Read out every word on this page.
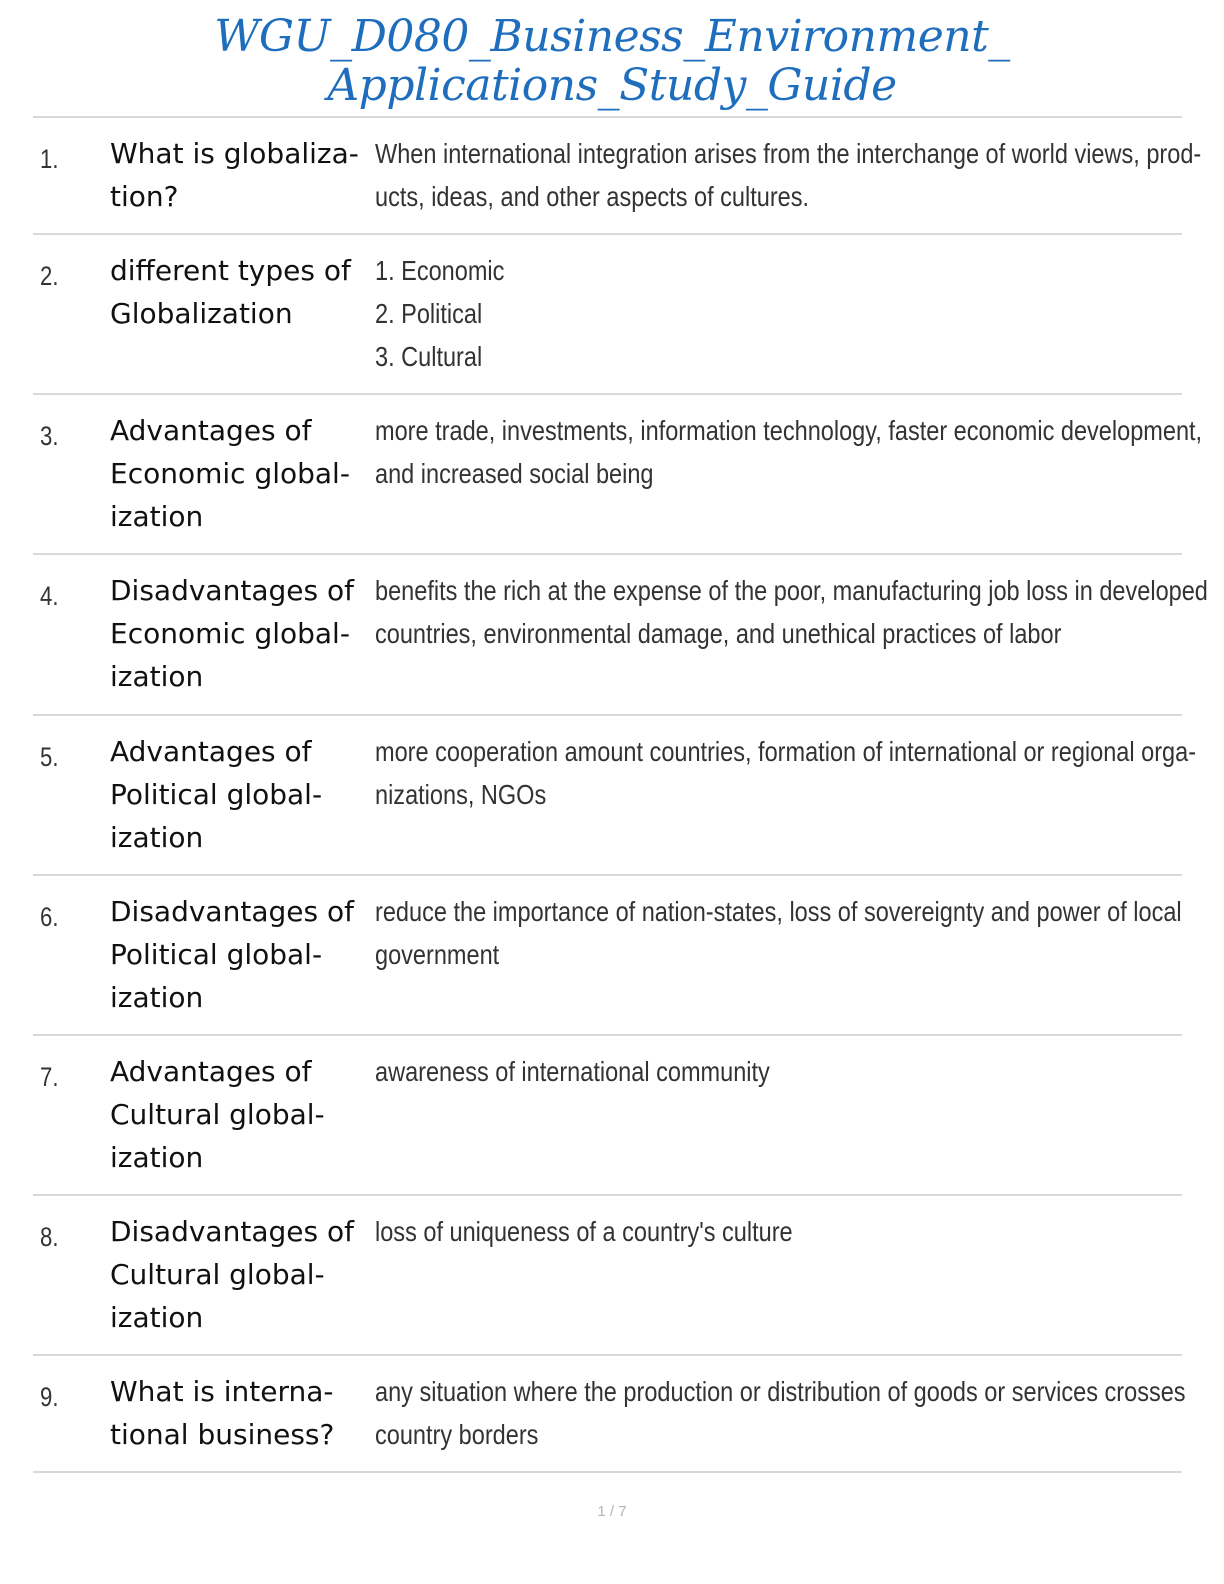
WGU_D080_Business_Environment_
Applications_Study_Guide
1. What is globaliza-
tion?
When international integration arises from the interchange of world views, prod-
ucts, ideas, and other aspects of cultures.
2. different types of
Globalization
1. Economic
2. Political
3. Cultural
3. Advantages of
Economic global-
ization
more trade, investments, information technology, faster economic development,
and increased social being
4. Disadvantages of
Economic global-
ization
benefits the rich at the expense of the poor, manufacturing job loss in developed
countries, environmental damage, and unethical practices of labor
5. Advantages of
Political global-
ization
more cooperation amount countries, formation of international or regional orga-
nizations, NGOs
6. Disadvantages of
Political global-
ization
reduce the importance of nation-states, loss of sovereignty and power of local
government
7. Advantages of
Cultural global-
ization
awareness of international community
8. Disadvantages of
Cultural global-
ization
loss of uniqueness of a country's culture
9. What is interna-
tional business?
any situation where the production or distribution of goods or services crosses
country borders
1 / 7
